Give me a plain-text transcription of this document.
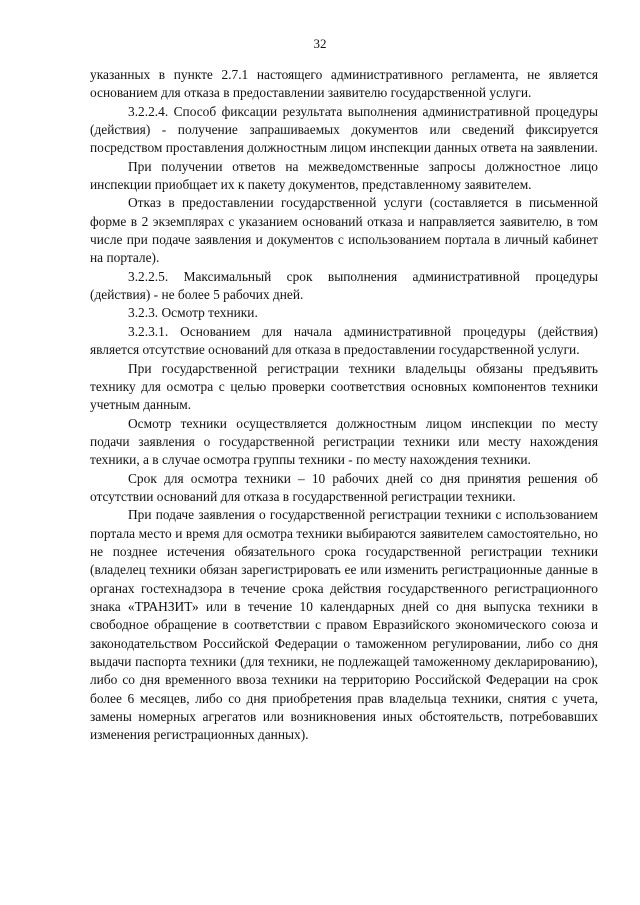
32

указанных в пункте 2.7.1 настоящего административного регламента, не является основанием для отказа в предоставлении заявителю государственной услуги.

3.2.2.4. Способ фиксации результата выполнения административной процедуры (действия) - получение запрашиваемых документов или сведений фиксируется посредством проставления должностным лицом инспекции данных ответа на заявлении.

При получении ответов на межведомственные запросы должностное лицо инспекции приобщает их к пакету документов, представленному заявителем.

Отказ в предоставлении государственной услуги (составляется в письменной форме в 2 экземплярах с указанием оснований отказа и направляется заявителю, в том числе при подаче заявления и документов с использованием портала в личный кабинет на портале).

3.2.2.5. Максимальный срок выполнения административной процедуры (действия) - не более 5 рабочих дней.

3.2.3. Осмотр техники.

3.2.3.1. Основанием для начала административной процедуры (действия) является отсутствие оснований для отказа в предоставлении государственной услуги.

При государственной регистрации техники владельцы обязаны предъявить технику для осмотра с целью проверки соответствия основных компонентов техники учетным данным.

Осмотр техники осуществляется должностным лицом инспекции по месту подачи заявления о государственной регистрации техники или месту нахождения техники, а в случае осмотра группы техники - по месту нахождения техники.

Срок для осмотра техники – 10 рабочих дней со дня принятия решения об отсутствии оснований для отказа в государственной регистрации техники.

При подаче заявления о государственной регистрации техники с использованием портала место и время для осмотра техники выбираются заявителем самостоятельно, но не позднее истечения обязательного срока государственной регистрации техники (владелец техники обязан зарегистрировать ее или изменить регистрационные данные в органах гостехнадзора в течение срока действия государственного регистрационного знака «ТРАНЗИТ» или в течение 10 календарных дней со дня выпуска техники в свободное обращение в соответствии с правом Евразийского экономического союза и законодательством Российской Федерации о таможенном регулировании, либо со дня выдачи паспорта техники (для техники, не подлежащей таможенному декларированию), либо со дня временного ввоза техники на территорию Российской Федерации на срок более 6 месяцев, либо со дня приобретения прав владельца техники, снятия с учета, замены номерных агрегатов или возникновения иных обстоятельств, потребовавших изменения регистрационных данных).
